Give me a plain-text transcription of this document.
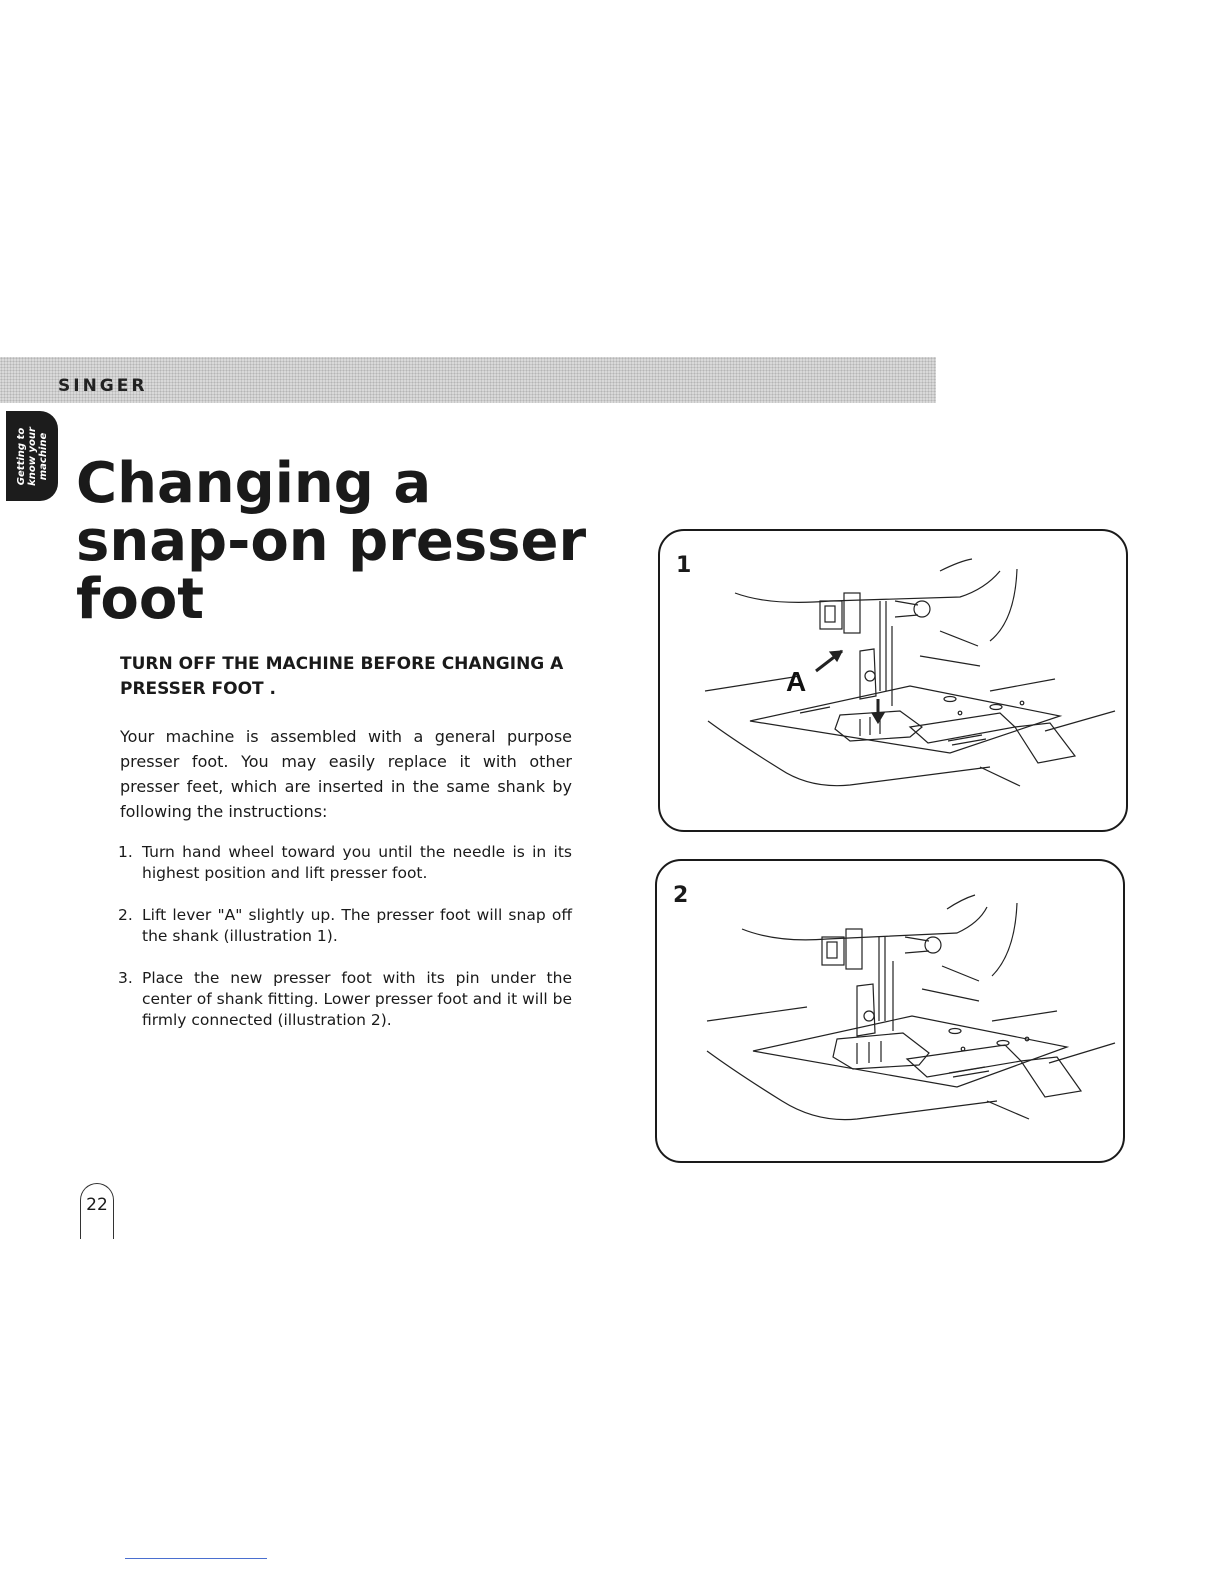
SINGER
Getting to know your machine Changing a
snap-on presser
foot

TURN OFF THE MACHINE BEFORE CHANGING A PRESSER FOOT .

Your machine is assembled with a general purpose presser foot. You may easily replace it with other presser feet, which are inserted in the same shank by following the instructions:

1. Turn hand wheel toward you until the needle is in its highest position and lift presser foot.
2. Lift lever "A" slightly up. The presser foot will snap off the shank (illustration 1).
3. Place the new presser foot with its pin under the center of shank fitting. Lower presser foot and it will be firmly connected (illustration 2).
A
1
2
22
